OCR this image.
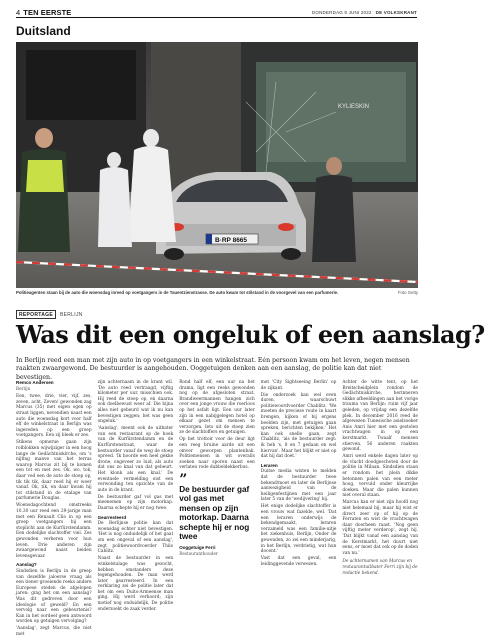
4 TEN EERSTE	DONDERDAG 9 JUNI 2022 DE VOLKSKRANT
Duitsland
KYLIESKIN
B·RP 8665
Politieagenten staan bij de auto die woensdag inreed op voetgangers in de Tauentzienstrasse. De auto kwam tot stilstand in de voorgevel van een parfumerie.	Foto Getty
REPORTAGE	BERLIJN
Was dit een ongeluk of een aanslag?

In Berlijn reed een man met zijn auto in op voetgangers in een winkelstraat. Eén persoon kwam om het leven, negen mensen raakten zwaargewond. De bestuurder is aangehouden. Ooggetuigen denken aan een aanslag, de politie kan dat niet bevestigen.

Remco Andersen
Berlijn

Een, twee, drie, vier, vijf, zes, zeven, acht. Zeven! gewonden zag Marcus (35) met eigen ogen op straat liggen, nevendien naast een auto die woensdag kort voor half elf de winkelstraat in Berlijn was ingereden op een groep voetgangers. Een zij bleek er zes.

Stikens opmerue gaan zijn rolblokken wijwijziger in een hoog lange de Gedächtniskirche, om 's nijfing manve van het terras waarop Marcus zit bij te komen een tot en met zes. Ok, wo, tok, daar ved een de auto de stoep op, tik tik tik, daar reed hij er weer vanaf. Ok, tik, en daar kwam hij tot stilstand in de etalage van parfumerie Douglas.

Woensdagochtend omstreeks 10.30 uur reed een 29-jarige man met een Renault Clio in op een groep voetgangers bij een stoplicht aan de Kurfürstendamm. Een dodelijke slachtoffer viel. Zes gewonden verkeren voor hun leven. Drie anderen zijn zwaargewond naast beiden levensgevaar.

Aanslag?

Sindsdien is Berlijn in de greep van dezelfde jaloerse vraag als een tiener groeiende reeks andere Europese steden de afgelopen jaren: ging het om een aanslag? Was dit gedreven door een ideologie of geweld? En een vervolg naar een gebeurtenis? Kan in het oordeel geen antwoord worden op getuigen vervolging?

'Aanslag', zegt Marcus, die niet met

zijn achternaam in de krant wil. 'De auto reed vertraagd, vijftig kilometer per uur, misschien ook. Hij reed de stoep op, en daarna ook doelbewust weer af. Die bijna alles niet gebeurd wat ik nu kan bevestigen zeggen; het was geen ongeluk.'

'Aanslag', meent ook de uitbater van een restaurant op de hoek van de Kurfürstendamm en de Kurfürstenstraat, waar de bestuurder vanaf de weg de stoep opreed. 'Ik hoorde een heel gekke drone, ongeveer zo luid, als auto dat ons zo knal van dat gebeurt. Het klonk als een knal.' De eventuele vermelding eist een verwonding ten opzichte van de auto in de krant.

De bestuurder gaf vol gas met meenemen op zijn motorkap. Daarna schepte hij er nog twee.

Gearresteerd

De Berlijnse politie kan dat woensdag echter niet bevestigen. 'Het is nog onduidelijk of het gaat om een ongeval of een aanslag', zegt politiewoordvoerder Thilo Cablitz.

Naast de bestuurder in een winkelstalage was gezocht, hebben omstanders deze tegengehouden. De man werd later gearresteerd. In een verklaring zei de politie later dat het om een Duits-Armeense man ging. Hij werd verhoord; zijn motief nog onduidelijk. De politie onderzoekt de zaak verder.

Rond half elf, een uur na het drama, ligt een reeks gewonden nog op de afgesloten straat. Brandweermannen hangen zich over een jonge vrouw die roerloos op het asfalt ligt. Een uur later zijn in een nabijgelegen hotel op elkaar gezet om mensen te verzorgen. Iets uit de stoep zien ze de slachtoffers en getuigen.

Op het trottoir voor de deur ligt een reeg bruine aarde uit een omver geworpen plantenbak. Politiemensen in wit overalls zoeken naar sporen naast een verlaten rode dubbeldekkerbus.

”
De bestuurder gaf vol gas met mensen op zijn motorkap. Daarna schepte hij er nog twee
Ooggetuige Ferri
Restauranthouder

met 'City Sightseeing Berlin' op de zijkant.

Die onderzoek kan wel even duren, waarschuwt politiewoordvoerder Chablitz. 'We moeten de precieze route in kaart brengen, kijken of bij ergens beelden zijn, met getuigen gaan spreken, berichten bekijken.' Het kan ook snelle gaan, zegt Chablitz, 'als de bestuurder zegt: ik heb 's, 8 en 7 gedaan en wel hiervan'. Maar het blijkt er niet op dat hij dat doet.'

Leraren

Duitse media wisten te melden dat de bestuurder twee bekend/moet en later de Berlijnse aanwezigheid van de heiligenfestijnen met een jaar later 5 van de 'wedijvering' bij.

Het enige dodelijke slachtoffer is een vrouw wat fazelde, wel. 'Dat een leraren onderwijs de bekendgemaakt, leraren verzameld was een familie-uitje het ziekenhuis, Berlijn, Onder de gewonden, zo zei een minderjarig, in het Berlijn, verdrietig, wat hun docent.'

Vast dat een geval, een leidinggevende verwezen.

Achter de witte tent, op het Breitscheidplein rondom de Gedächtniskirche, herinneren slikke afbeeldingen aan het vorige trauma van Berlijn: ruim vijf jaar geleden, op vrijdag een dezelfde plek. In december 2016 reed de afgewezen Tunesische asielzoeker Anis Amri hier met een gestolen vrachtwagen in op een kerstmarkt. Twaalf mensen stierven, 56 anderen raakten gewond.

Amri werd enkele dagen later op de vlucht doodgeschoten door de politie in Milaan. Sindsdien staan er rondom het plein dikke betonnen palen van een meter hoog, vervuld onder kleurrijke doeken. Maar die palen kunnen niet overal staan.

Marcus kan er niet zijn hoofd nog niet helemaal bij, maar hij wist er direct zeer op of hij op de Ferraten en wist de vrachtwagen daar doorheen raast. 'Nog geen vijftig meter verderop', zegt hij. 'Dat blijkt vanaf een aanslag van de Kerstmarkt, het duurt niet eens, er moet dat ook op de doden van nu.'

De achternamen van Marcus en restaurantuitbater Ferri zijn bij de redactie bekend.
